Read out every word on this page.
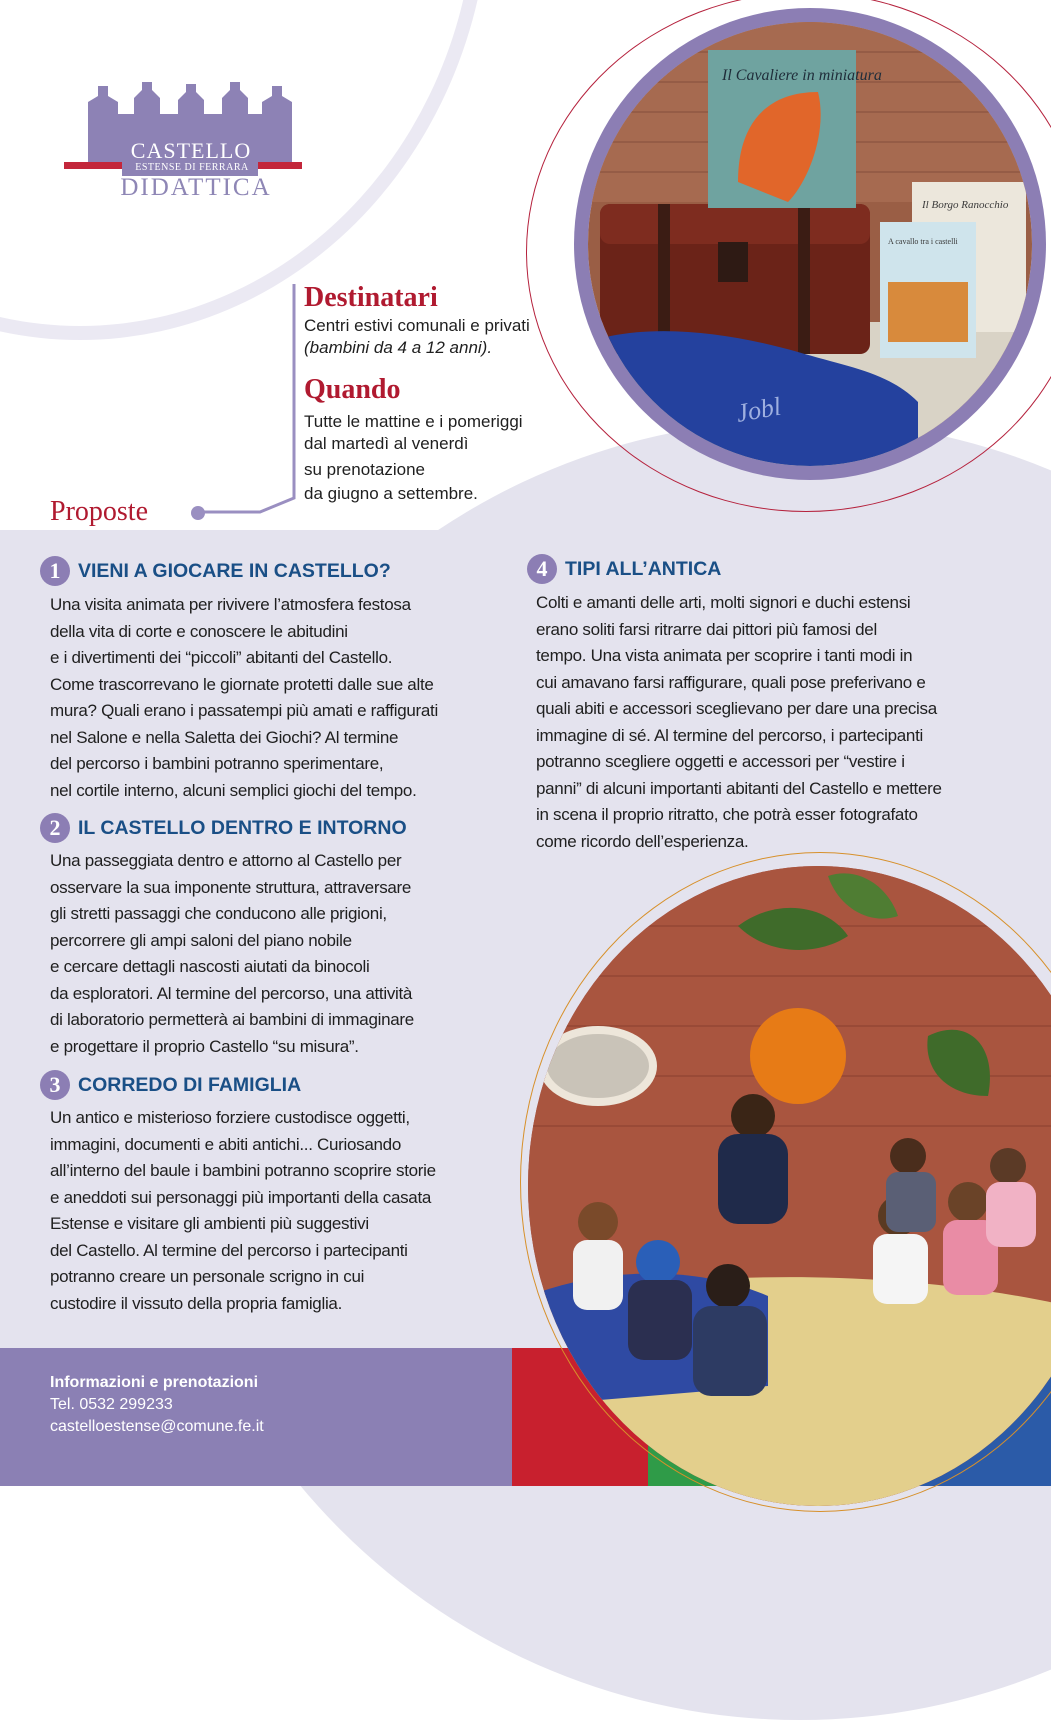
CASTELLO
ESTENSE DI FERRARA
DIDATTICA
Il Cavaliere in miniatura
Il Borgo Ranocchio
A cavallo tra i castelli
Jobl
Destinatari

Centri estivi comunali e privati

(bambini da 4 a 12 anni).

Quando

Tutte le mattine e i pomeriggi

dal martedì al venerdì

su prenotazione

da giugno a settembre.

Proposte
1 VIENI A GIOCARE IN CASTELLO?
Una visita animata per rivivere l’atmosfera festosa
della vita di corte e conoscere le abitudini
e i divertimenti dei “piccoli” abitanti del Castello.
Come trascorrevano le giornate protetti dalle sue alte
mura? Quali erano i passatempi più amati e raffigurati
nel Salone e nella Saletta dei Giochi? Al termine
del percorso i bambini potranno sperimentare,
nel cortile interno, alcuni semplici giochi del tempo.
2 IL CASTELLO DENTRO E INTORNO
Una passeggiata dentro e attorno al Castello per
osservare la sua imponente struttura, attraversare
gli stretti passaggi che conducono alle prigioni,
percorrere gli ampi saloni del piano nobile
e cercare dettagli nascosti aiutati da binocoli
da esploratori. Al termine del percorso, una attività
di laboratorio permetterà ai bambini di immaginare
e progettare il proprio Castello “su misura”.
3 CORREDO DI FAMIGLIA
Un antico e misterioso forziere custodisce oggetti,
immagini, documenti e abiti antichi... Curiosando
all’interno del baule i bambini potranno scoprire storie
e aneddoti sui personaggi più importanti della casata
Estense e visitare gli ambienti più suggestivi
del Castello. Al termine del percorso i partecipanti
potranno creare un personale scrigno in cui
custodire il vissuto della propria famiglia.
4 TIPI ALL’ANTICA
Colti e amanti delle arti, molti signori e duchi estensi
erano soliti farsi ritrarre dai pittori più famosi del
tempo. Una vista animata per scoprire i tanti modi in
cui amavano farsi raffigurare, quali pose preferivano e
quali abiti e accessori sceglievano per dare una precisa
immagine di sé. Al termine del percorso, i partecipanti
potranno scegliere oggetti e accessori per “vestire i
panni” di alcuni importanti abitanti del Castello e mettere
in scena il proprio ritratto, che potrà esser fotografato
come ricordo dell’esperienza.
Informazioni e prenotazioni
Tel. 0532 299233
castelloestense@comune.fe.it
